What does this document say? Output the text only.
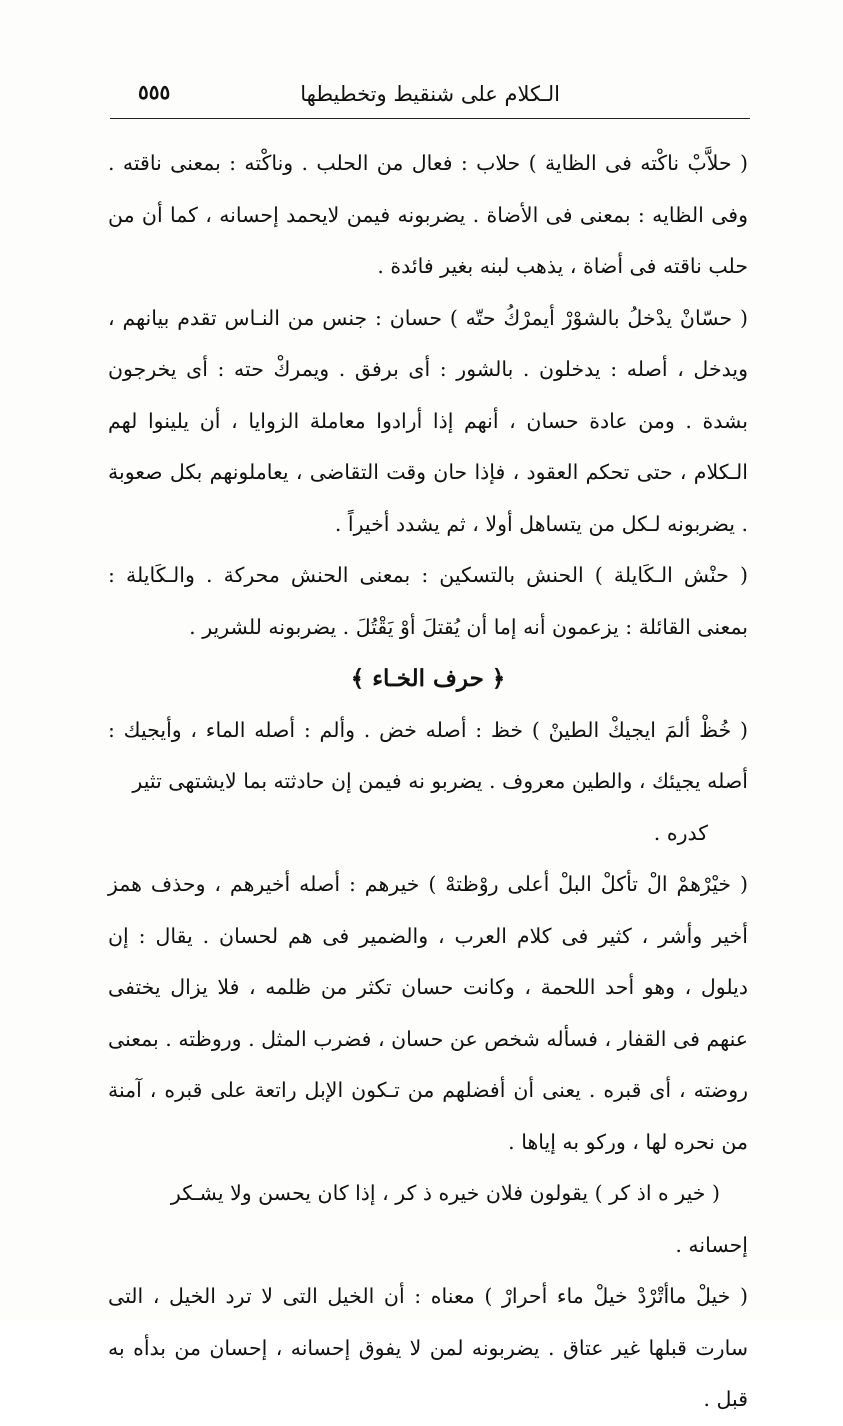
الـكلام على شنقيط وتخطيطها
٥٥٥

( حلاَّبْ ناكْته فى الظاية ) حلاب : فعال من الحلب . وناكْته : بمعنى ناقته . وفى الظايه : بمعنى فى الأضاة . يضربونه فيمن لايحمد إحسانه ، كما أن من حلب ناقته فى أضاة ، يذهب لبنه بغير فائدة .

( حسّانْ يدْخلُ بالشوْرْ أيمرْكُ حتّه ) حسان : جنس من النـاس تقدم بيانهم ، ويدخل ، أصله : يدخلون . بالشور : أى برفق . ويمركْ حته : أى يخرجون بشدة . ومن عادة حسان ، أنهم إذا أرادوا معاملة الزوايا ، أن يلينوا لهم الـكلام ، حتى تحكم العقود ، فإذا حان وقت التقاضى ، يعاملونهم بكل صعوبة . يضربونه لـكل من يتساهل أولا ، ثم يشدد أخيراً .

( حنْش الـكَايلة ) الحنش بالتسكين : بمعنى الحنش محركة . والـكَايلة : بمعنى القائلة : يزعمون أنه إما أن يُقتلَ أوْ يَقْتُلَ . يضربونه للشرير .

﴿ حرف الخـاء ﴾

( خُظْ ألمَ ايجيكْ الطينْ ) خظ : أصله خض . وألم : أصله الماء ، وأيجيك : أصله يجيئك ، والطين معروف . يضربو نه فيمن إن حادثته بما لايشتهى تثير

كدره .

( خيْرْهمْ الْ تأكلْ البلْ أعلى روْظتهْ ) خيرهم : أصله أخيرهم ، وحذف همز أخير وأشر ، كثير فى كلام العرب ، والضمير فى هم لحسان . يقال : إن ديلول ، وهو أحد اللحمة ، وكانت حسان تكثر من ظلمه ، فلا يزال يختفى عنهم فى القفار ، فسأله شخص عن حسان ، فضرب المثل . وروظته . بمعنى روضته ، أى قبره . يعنى أن أفضلهم من تـكون الإبل راتعة على قبره ، آمنة من نحره لها ، وركو به إياها .

( خير ه اذ كر ) يقولون فلان خيره ذ كر ، إذا كان يحسن ولا يشـكر

إحسانه .

( خيلْ ماأتْرْدْ خيلْ ماء أحرارْ ) معناه : أن الخيل التى لا ترد الخيل ، التى سارت قبلها غير عتاق . يضربونه لمن لا يفوق إحسانه ، إحسان من بدأه به قبل .
